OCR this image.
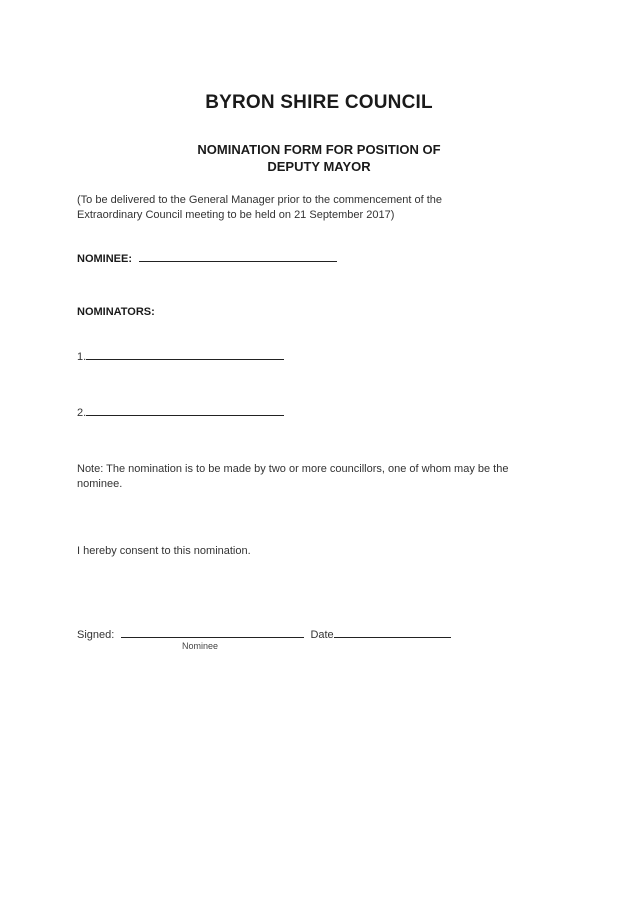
BYRON SHIRE COUNCIL
NOMINATION FORM FOR POSITION OF
DEPUTY MAYOR
(To be delivered to the General Manager prior to the commencement of the
Extraordinary Council meeting to be held on 21 September 2017)
NOMINEE:
NOMINATORS:
1.
2.
Note: The nomination is to be made by two or more councillors, one of whom may be the
nominee.
I hereby consent to this nomination.
Signed:	Date
Nominee
